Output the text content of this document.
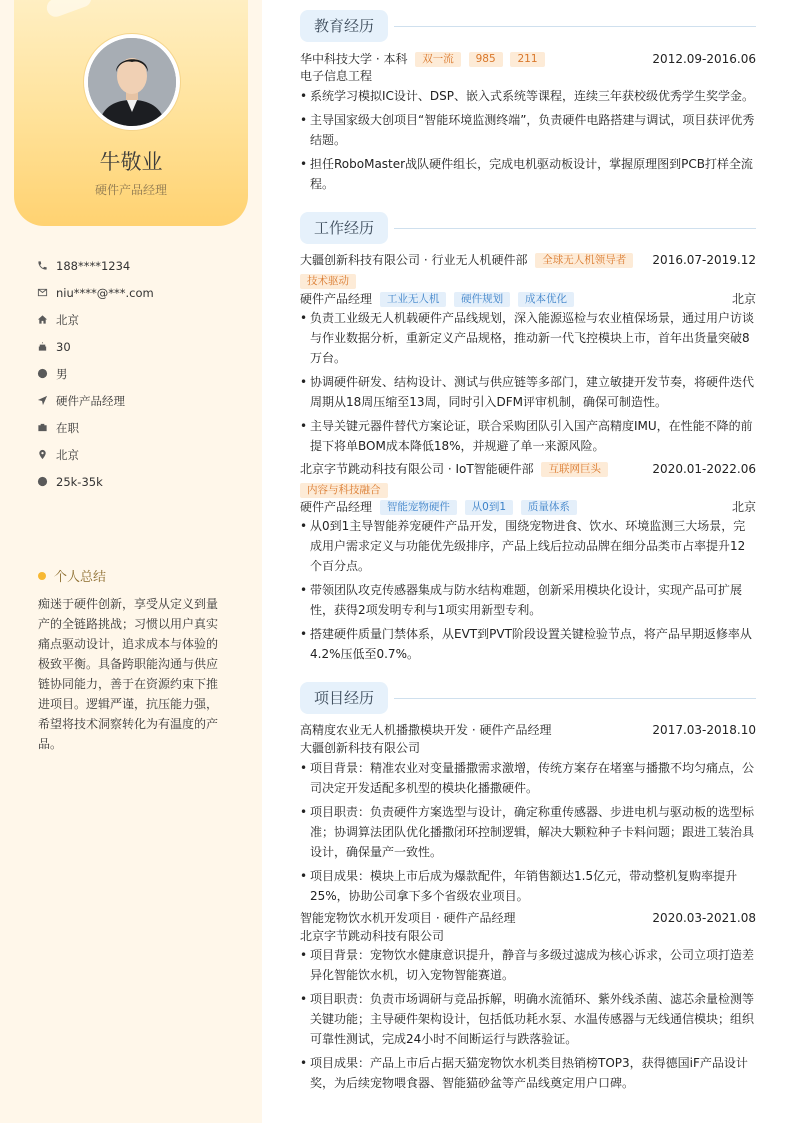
牛敬业
硬件产品经理
188****1234
niu****@***.com
北京
30
男
硬件产品经理
在职
北京
25k-35k
个人总结
痴迷于硬件创新，享受从定义到量产的全链路挑战；习惯以用户真实痛点驱动设计，追求成本与体验的极致平衡。具备跨职能沟通与供应链协同能力，善于在资源约束下推进项目。逻辑严谨，抗压能力强，希望将技术洞察转化为有温度的产品。
教育经历
华中科技大学 · 本科 双一流 985 211	2012.09-2016.06
电子信息工程
• 系统学习模拟IC设计、DSP、嵌入式系统等课程，连续三年获校级优秀学生奖学金。
• 主导国家级大创项目“智能环境监测终端”，负责硬件电路搭建与调试，项目获评优秀结题。
• 担任RoboMaster战队硬件组长，完成电机驱动板设计，掌握原理图到PCB打样全流程。
工作经历
大疆创新科技有限公司 · 行业无人机硬件部 全球无人机领导者 2016.07-2019.12
技术驱动
硬件产品经理 工业无人机 硬件规划 成本优化	北京
• 负责工业级无人机载硬件产品线规划，深入能源巡检与农业植保场景，通过用户访谈与作业数据分析，重新定义产品规格，推动新一代飞控模块上市，首年出货量突破8万台。
• 协调硬件研发、结构设计、测试与供应链等多部门，建立敏捷开发节奏，将硬件迭代周期从18周压缩至13周，同时引入DFM评审机制，确保可制造性。
• 主导关键元器件替代方案论证，联合采购团队引入国产高精度IMU，在性能不降的前提下将单BOM成本降低18%，并规避了单一来源风险。
北京字节跳动科技有限公司 · IoT智能硬件部 互联网巨头	2020.01-2022.06
内容与科技融合
硬件产品经理 智能宠物硬件 从0到1 质量体系	北京
• 从0到1主导智能养宠硬件产品开发，围绕宠物进食、饮水、环境监测三大场景，完成用户需求定义与功能优先级排序，产品上线后拉动品牌在细分品类市占率提升12个百分点。
• 带领团队攻克传感器集成与防水结构难题，创新采用模块化设计，实现产品可扩展性，获得2项发明专利与1项实用新型专利。
• 搭建硬件质量门禁体系，从EVT到PVT阶段设置关键检验节点，将产品早期返修率从4.2%压低至0.7%。
项目经历
高精度农业无人机播撒模块开发 · 硬件产品经理	2017.03-2018.10
大疆创新科技有限公司
• 项目背景：精准农业对变量播撒需求激增，传统方案存在堵塞与播撒不均匀痛点，公司决定开发适配多机型的模块化播撒硬件。
• 项目职责：负责硬件方案选型与设计，确定称重传感器、步进电机与驱动板的选型标准；协调算法团队优化播撒闭环控制逻辑，解决大颗粒种子卡料问题；跟进工装治具设计，确保量产一致性。
• 项目成果：模块上市后成为爆款配件，年销售额达1.5亿元，带动整机复购率提升25%，协助公司拿下多个省级农业项目。
智能宠物饮水机开发项目 · 硬件产品经理	2020.03-2021.08
北京字节跳动科技有限公司
• 项目背景：宠物饮水健康意识提升，静音与多级过滤成为核心诉求，公司立项打造差异化智能饮水机，切入宠物智能赛道。
• 项目职责：负责市场调研与竞品拆解，明确水流循环、紫外线杀菌、滤芯余量检测等关键功能；主导硬件架构设计，包括低功耗水泵、水温传感器与无线通信模块；组织可靠性测试，完成24小时不间断运行与跌落验证。
• 项目成果：产品上市后占据天猫宠物饮水机类目热销榜TOP3，获得德国iF产品设计奖，为后续宠物喂食器、智能猫砂盆等产品线奠定用户口碑。
